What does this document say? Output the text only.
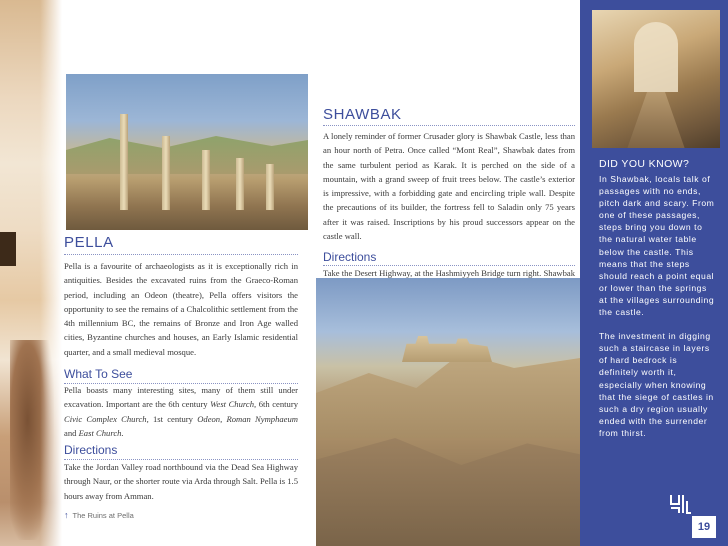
DID YOU KNOW?

In Shawbak, locals talk of passages with no ends, pitch dark and scary. From one of these passages, steps bring you down to the natural water table below the castle. This means that the steps should reach a point equal or lower than the springs at the villages surrounding the castle.

The investment in digging such a staircase in layers of hard bedrock is definitely worth it, especially when knowing that the siege of castles in such a dry region usually ended with the surrender from thirst.

19
PELLA
Pella is a favourite of archaeologists as it is exceptionally rich in antiquities. Besides the excavated ruins from the Graeco-Roman period, including an Odeon (theatre), Pella offers visitors the opportunity to see the remains of a Chalcolithic settlement from the 4th millennium BC, the remains of Bronze and Iron Age walled cities, Byzantine churches and houses, an Early Islamic residential quarter, and a small medieval mosque.
What To See
Pella boasts many interesting sites, many of them still under excavation. Important are the 6th century West Church, 6th century Civic Complex Church, 1st century Odeon, Roman Nymphaeum and East Church.
Directions
Take the Jordan Valley road northbound via the Dead Sea Highway through Naur, or the shorter route via Arda through Salt. Pella is 1.5 hours away from Amman.
↑ The Ruins at Pella
SHAWBAK
A lonely reminder of former Crusader glory is Shawbak Castle, less than an hour north of Petra. Once called “Mont Real”, Shawbak dates from the same turbulent period as Karak. It is perched on the side of a mountain, with a grand sweep of fruit trees below. The castle’s exterior is impressive, with a forbidding gate and encircling triple wall. Despite the precautions of its builder, the fortress fell to Saladin only 75 years after it was raised. Inscriptions by his proud successors appear on the castle wall.
Directions
Take the Desert Highway, at the Hashmiyyeh Bridge turn right. Shawbak
